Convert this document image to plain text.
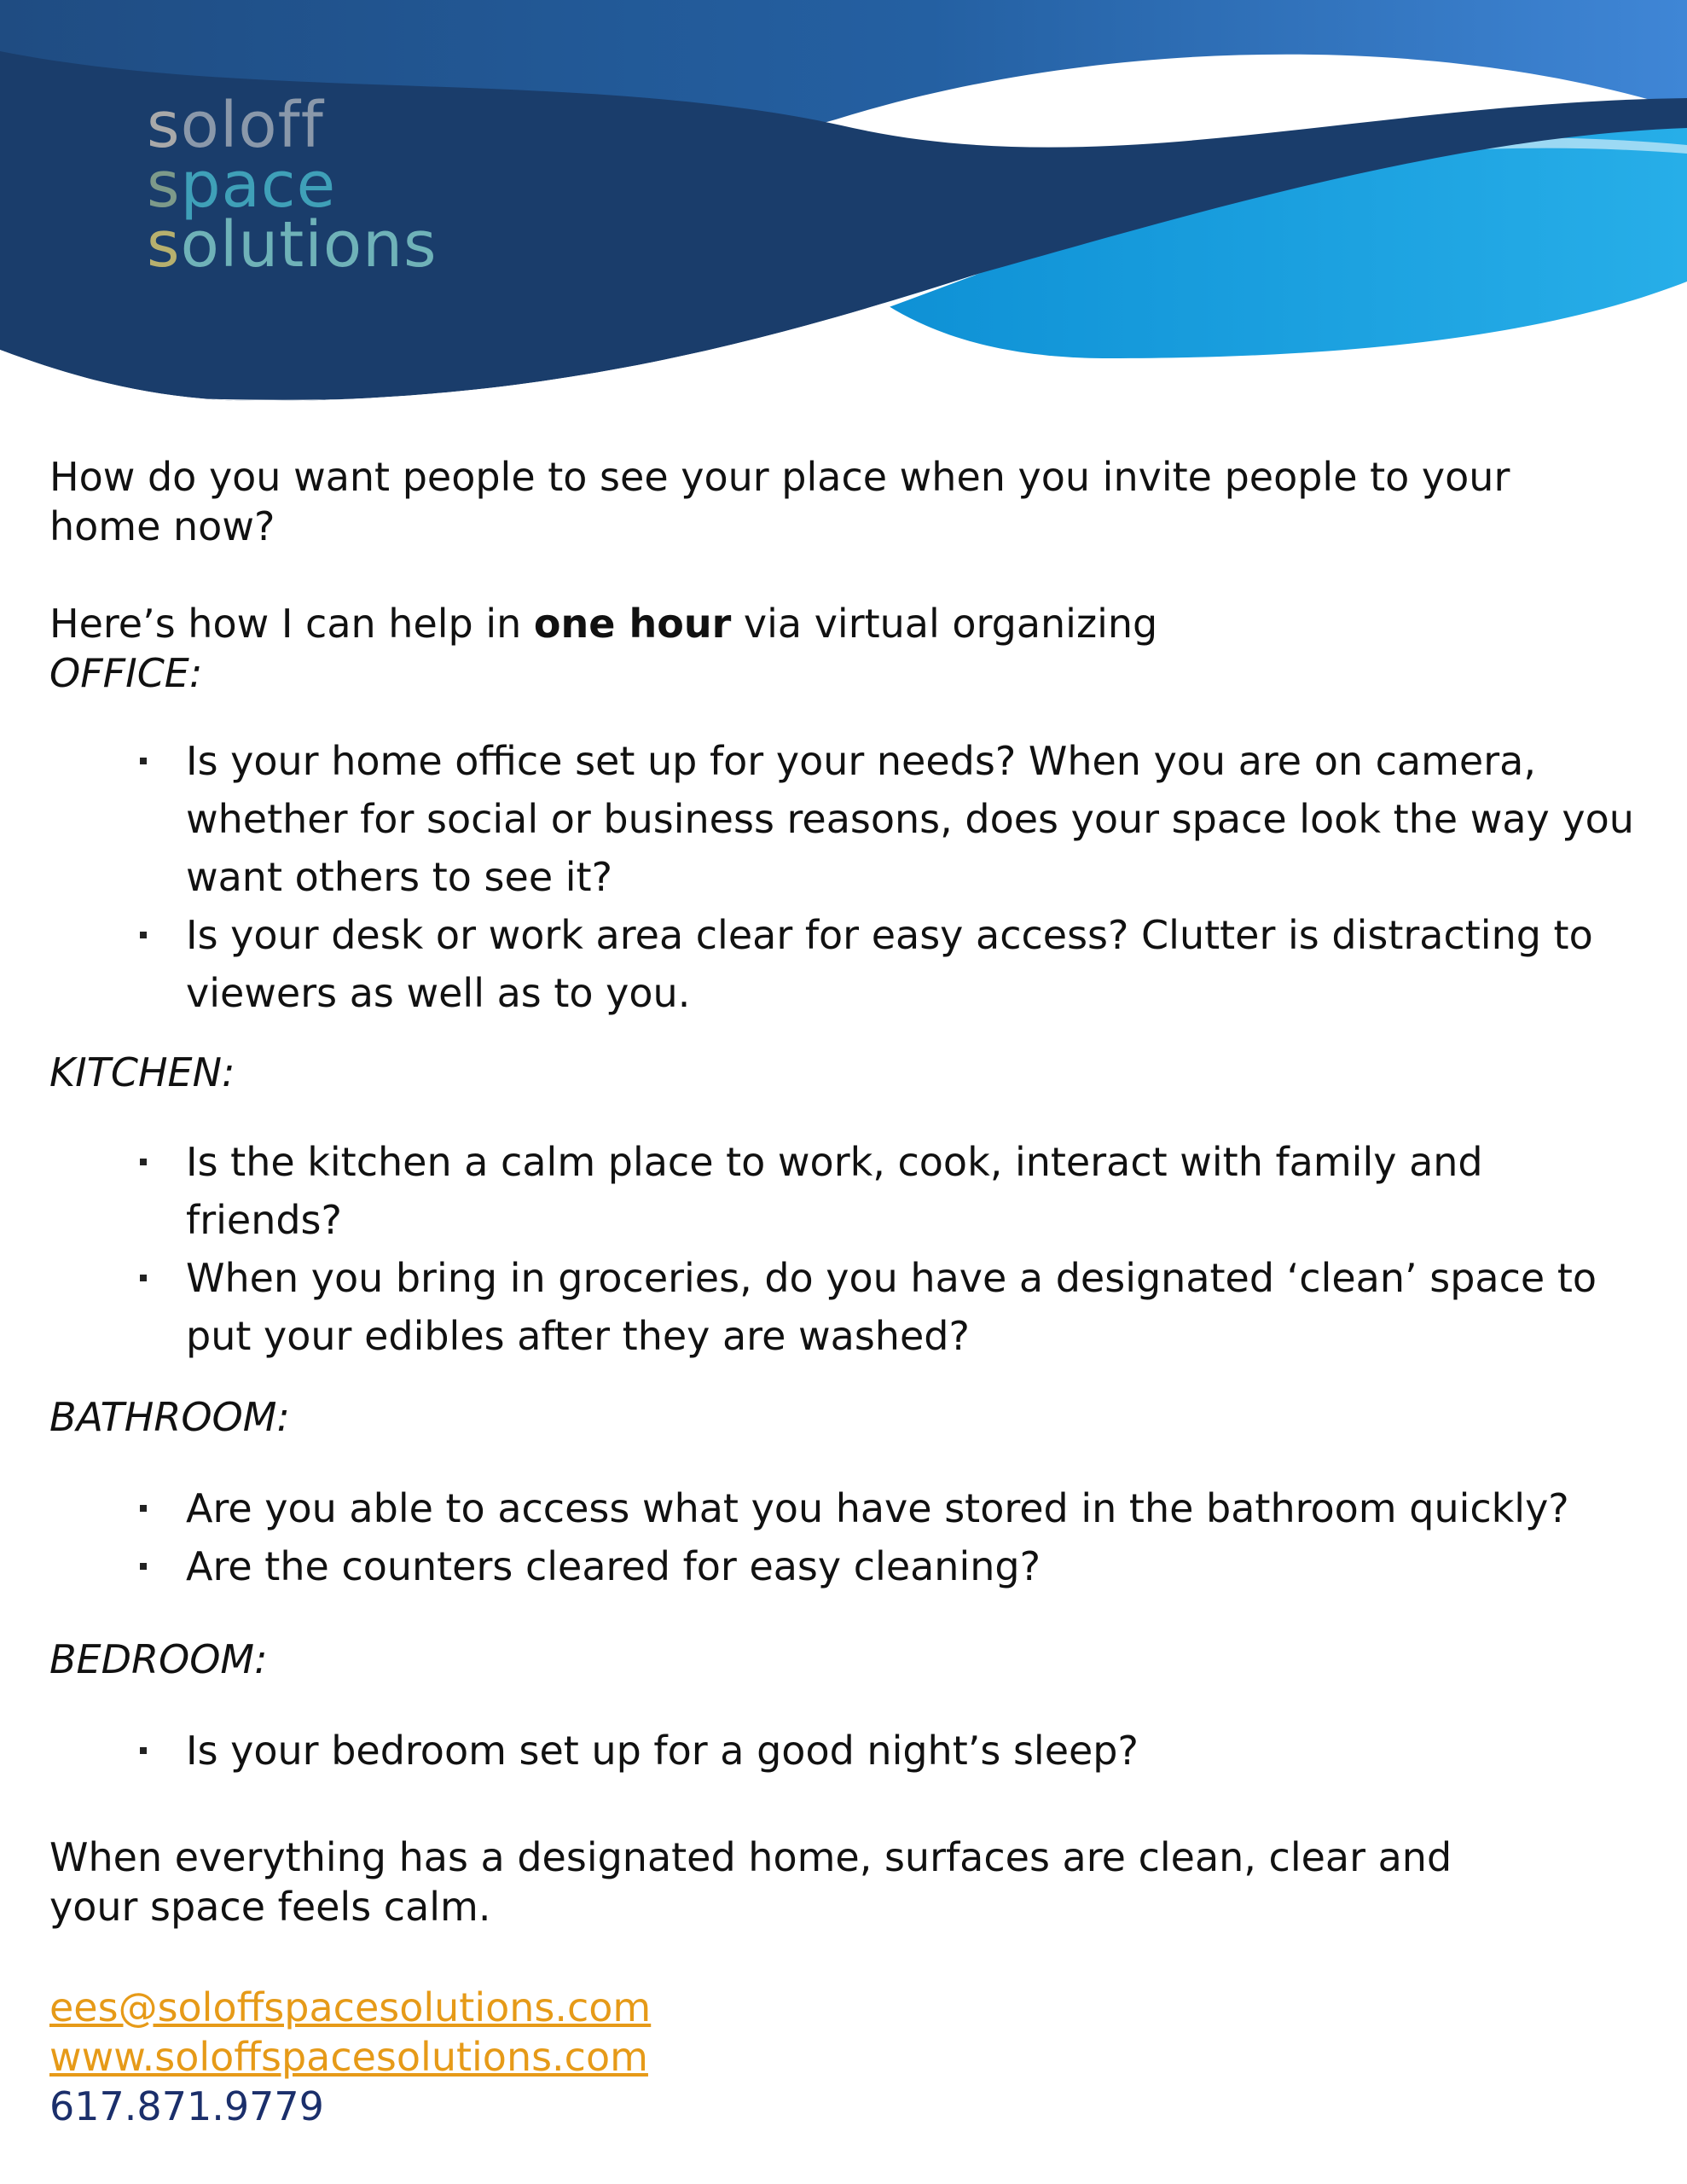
soloff
space
solutions

How do you want people to see your place when you invite people to your home now?

Here’s how I can help in one hour via virtual organizing

OFFICE:

Is your home office set up for your needs? When you are on camera, whether for social or business reasons, does your space look the way you want others to see it?
Is your desk or work area clear for easy access? Clutter is distracting to viewers as well as to you.

KITCHEN:

Is the kitchen a calm place to work, cook, interact with family and friends?
When you bring in groceries, do you have a designated ‘clean’ space to put your edibles after they are washed?

BATHROOM:

Are you able to access what you have stored in the bathroom quickly?
Are the counters cleared for easy cleaning?

BEDROOM:

Is your bedroom set up for a good night’s sleep?

When everything has a designated home, surfaces are clean, clear and your space feels calm.

ees@soloffspacesolutions.com
www.soloffspacesolutions.com
617.871.9779
